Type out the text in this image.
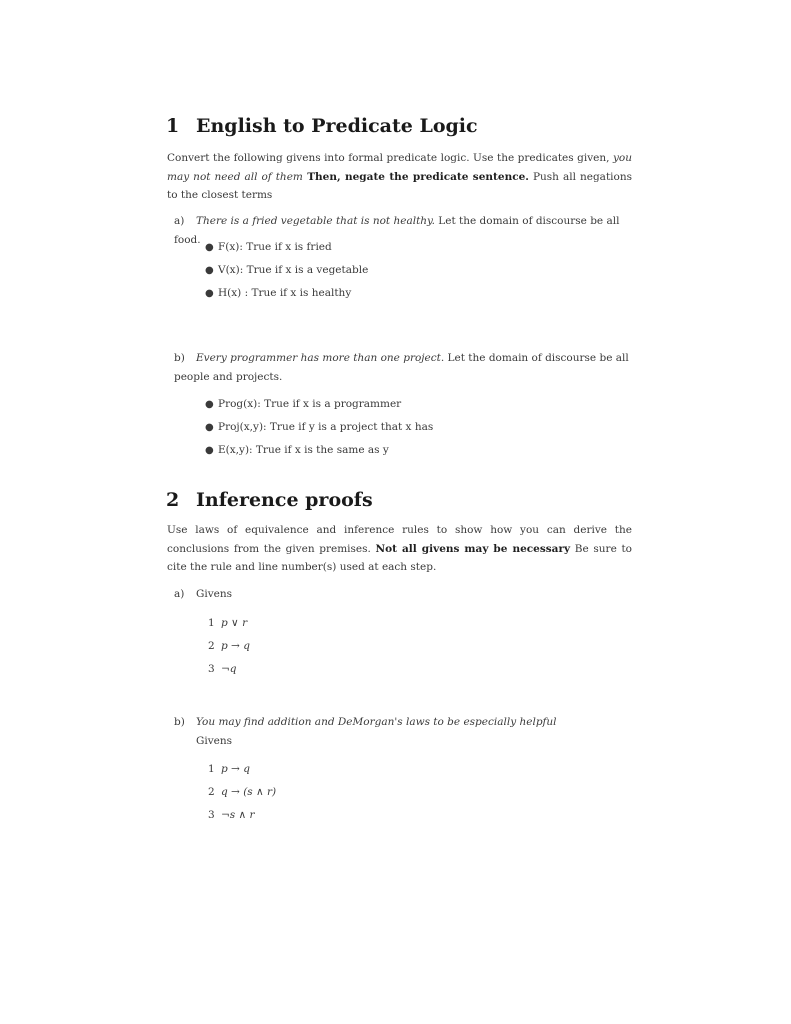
1 English to Predicate Logic
Convert the following givens into formal predicate logic. Use the predicates given, you may not need all of them Then, negate the predicate sentence. Push all negations to the closest terms
a) There is a fried vegetable that is not healthy. Let the domain of discourse be all food.
● F(x): True if x is fried
● V(x): True if x is a vegetable
● H(x) : True if x is healthy
b) Every programmer has more than one project. Let the domain of discourse be all people and projects.
● Prog(x): True if x is a programmer
● Proj(x,y): True if y is a project that x has
● E(x,y): True if x is the same as y
2 Inference proofs
Use laws of equivalence and inference rules to show how you can derive the conclusions from the given premises. Not all givens may be necessary Be sure to cite the rule and line number(s) used at each step.
a) Givens
1 p ∨ r
2 p → q
3 ¬q
b) You may find addition and DeMorgan's laws to be especially helpful
Givens
1 p → q
2 q → (s ∧ r)
3 ¬s ∧ r
